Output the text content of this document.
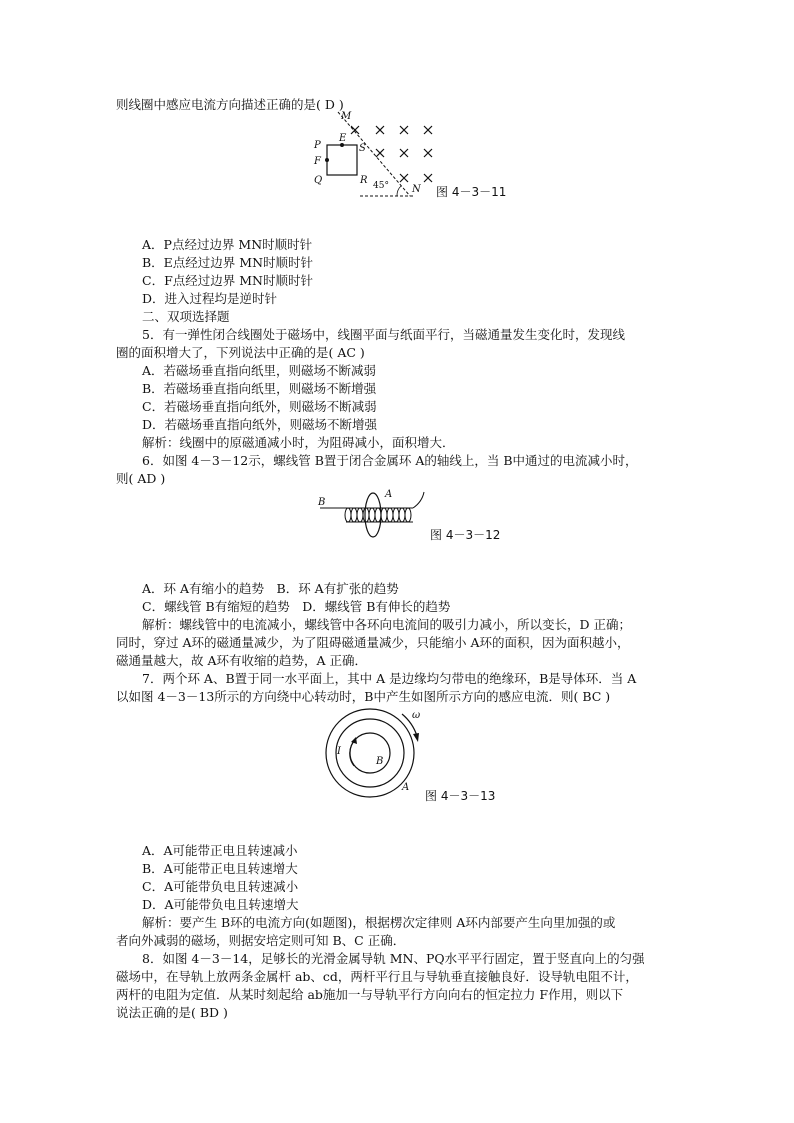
则线圈中感应电流方向描述正确的是( D )
M
E
S
P
F
Q	R
N
45°	图 4－3－11
A．P点经过边界 MN时顺时针
B．E点经过边界 MN时顺时针
C．F点经过边界 MN时顺时针
D．进入过程均是逆时针
二、双项选择题
5．有一弹性闭合线圈处于磁场中，线圈平面与纸面平行，当磁通量发生变化时，发现线
圈的面积增大了，下列说法中正确的是( AC )
A．若磁场垂直指向纸里，则磁场不断减弱
B．若磁场垂直指向纸里，则磁场不断增强
C．若磁场垂直指向纸外，则磁场不断减弱
D．若磁场垂直指向纸外，则磁场不断增强
解析：线圈中的原磁通减小时，为阻碍减小，面积增大．
6．如图 4－3－12示，螺线管 B置于闭合金属环 A的轴线上，当 B中通过的电流减小时，
则( AD )
B
A
图 4－3－12
A．环 A有缩小的趋势　B．环 A有扩张的趋势
C．螺线管 B有缩短的趋势　D．螺线管 B有伸长的趋势
解析：螺线管中的电流减小，螺线管中各环向电流间的吸引力减小，所以变长，D 正确；
同时，穿过 A环的磁通量减少，为了阻碍磁通量减少，只能缩小 A环的面积，因为面积越小，
磁通量越大，故 A环有收缩的趋势，A 正确．
7．两个环 A、B置于同一水平面上，其中 A 是边缘均匀带电的绝缘环，B是导体环．当 A
以如图 4－3－13所示的方向绕中心转动时，B中产生如图所示方向的感应电流．则( BC )
ω
I
B
A
图 4－3－13
A．A可能带正电且转速减小
B．A可能带正电且转速增大
C．A可能带负电且转速减小
D．A可能带负电且转速增大
解析：要产生 B环的电流方向(如题图)，根据楞次定律则 A环内部要产生向里加强的或
者向外减弱的磁场，则据安培定则可知 B、C 正确．
8．如图 4－3－14，足够长的光滑金属导轨 MN、PQ水平平行固定，置于竖直向上的匀强
磁场中，在导轨上放两条金属杆 ab、cd，两杆平行且与导轨垂直接触良好．设导轨电阻不计，
两杆的电阻为定值．从某时刻起给 ab施加一与导轨平行方向向右的恒定拉力 F作用，则以下
说法正确的是( BD )
